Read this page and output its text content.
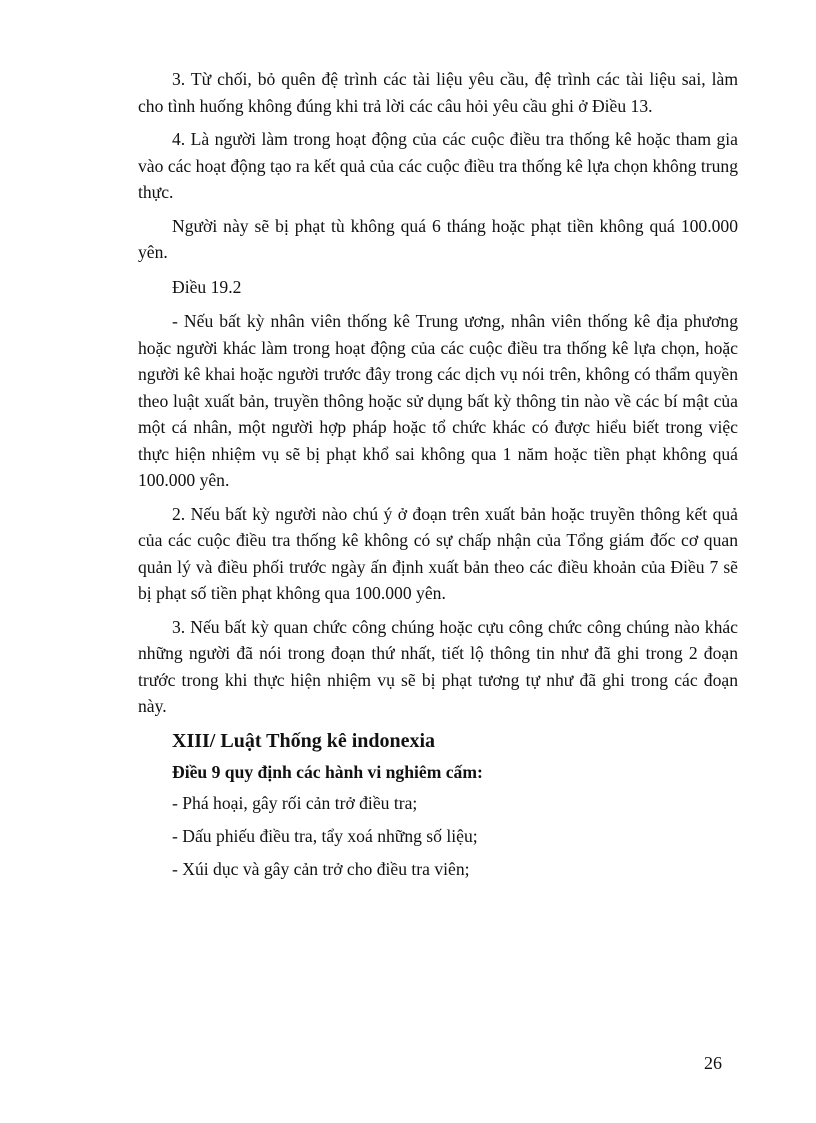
3. Từ chối, bỏ quên đệ trình các tài liệu yêu cầu, đệ trình các tài liệu sai, làm cho tình huống không đúng khi trả lời các câu hỏi yêu cầu ghi ở Điều 13.

4. Là người làm trong hoạt động của các cuộc điều tra thống kê hoặc tham gia vào các hoạt động tạo ra kết quả của các cuộc điều tra thống kê lựa chọn không trung thực.

Người này sẽ bị phạt tù không quá 6 tháng hoặc phạt tiền không quá 100.000 yên.

Điều 19.2

- Nếu bất kỳ nhân viên thống kê Trung ương, nhân viên thống kê địa phương hoặc người khác làm trong hoạt động của các cuộc điều tra thống kê lựa chọn, hoặc người kê khai hoặc người trước đây trong các dịch vụ nói trên, không có thẩm quyền theo luật xuất bản, truyền thông hoặc sử dụng bất kỳ thông tin nào về các bí mật của một cá nhân, một người hợp pháp hoặc tổ chức khác có được hiểu biết trong việc thực hiện nhiệm vụ sẽ bị phạt khổ sai không qua 1 năm hoặc tiền phạt không quá 100.000 yên.

2. Nếu bất kỳ người nào chú ý ở đoạn trên xuất bản hoặc truyền thông kết quả của các cuộc điều tra thống kê không có sự chấp nhận của Tổng giám đốc cơ quan quản lý và điều phối trước ngày ấn định xuất bản theo các điều khoản của Điều 7 sẽ bị phạt số tiền phạt không qua 100.000 yên.

3. Nếu bất kỳ quan chức công chúng hoặc cựu công chức công chúng nào khác những người đã nói trong đoạn thứ nhất, tiết lộ thông tin như đã ghi trong 2 đoạn trước trong khi thực hiện nhiệm vụ sẽ bị phạt tương tự như đã ghi trong các đoạn này.

XIII/ Luật Thống kê indonexia

Điều 9 quy định các hành vi nghiêm cấm:

- Phá hoại, gây rối cản trở điều tra;

- Dấu phiếu điều tra, tẩy xoá những số liệu;

- Xúi dục và gây cản trở cho điều tra viên;

26
